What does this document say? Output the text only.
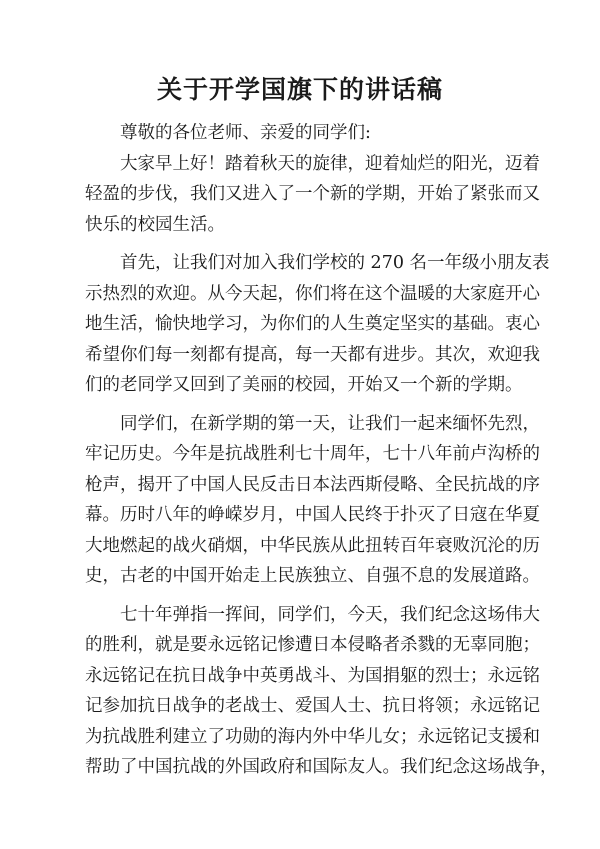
关于开学国旗下的讲话稿

尊敬的各位老师、亲爱的同学们:

大家早上好！踏着秋天的旋律，迎着灿烂的阳光，迈着
轻盈的步伐，我们又进入了一个新的学期，开始了紧张而又
快乐的校园生活。

首先，让我们对加入我们学校的 270 名一年级小朋友表
示热烈的欢迎。从今天起，你们将在这个温暖的大家庭开心
地生活，愉快地学习，为你们的人生奠定坚实的基础。衷心
希望你们每一刻都有提高，每一天都有进步。其次，欢迎我
们的老同学又回到了美丽的校园，开始又一个新的学期。

同学们，在新学期的第一天，让我们一起来缅怀先烈，
牢记历史。今年是抗战胜利七十周年，七十八年前卢沟桥的
枪声，揭开了中国人民反击日本法西斯侵略、全民抗战的序
幕。历时八年的峥嵘岁月，中国人民终于扑灭了日寇在华夏
大地燃起的战火硝烟，中华民族从此扭转百年衰败沉沦的历
史，古老的中国开始走上民族独立、自强不息的发展道路。

七十年弹指一挥间，同学们，今天，我们纪念这场伟大
的胜利，就是要永远铭记惨遭日本侵略者杀戮的无辜同胞；
永远铭记在抗日战争中英勇战斗、为国捐躯的烈士；永远铭
记参加抗日战争的老战士、爱国人士、抗日将领；永远铭记
为抗战胜利建立了功勋的海内外中华儿女；永远铭记支援和
帮助了中国抗战的外国政府和国际友人。我们纪念这场战争，
